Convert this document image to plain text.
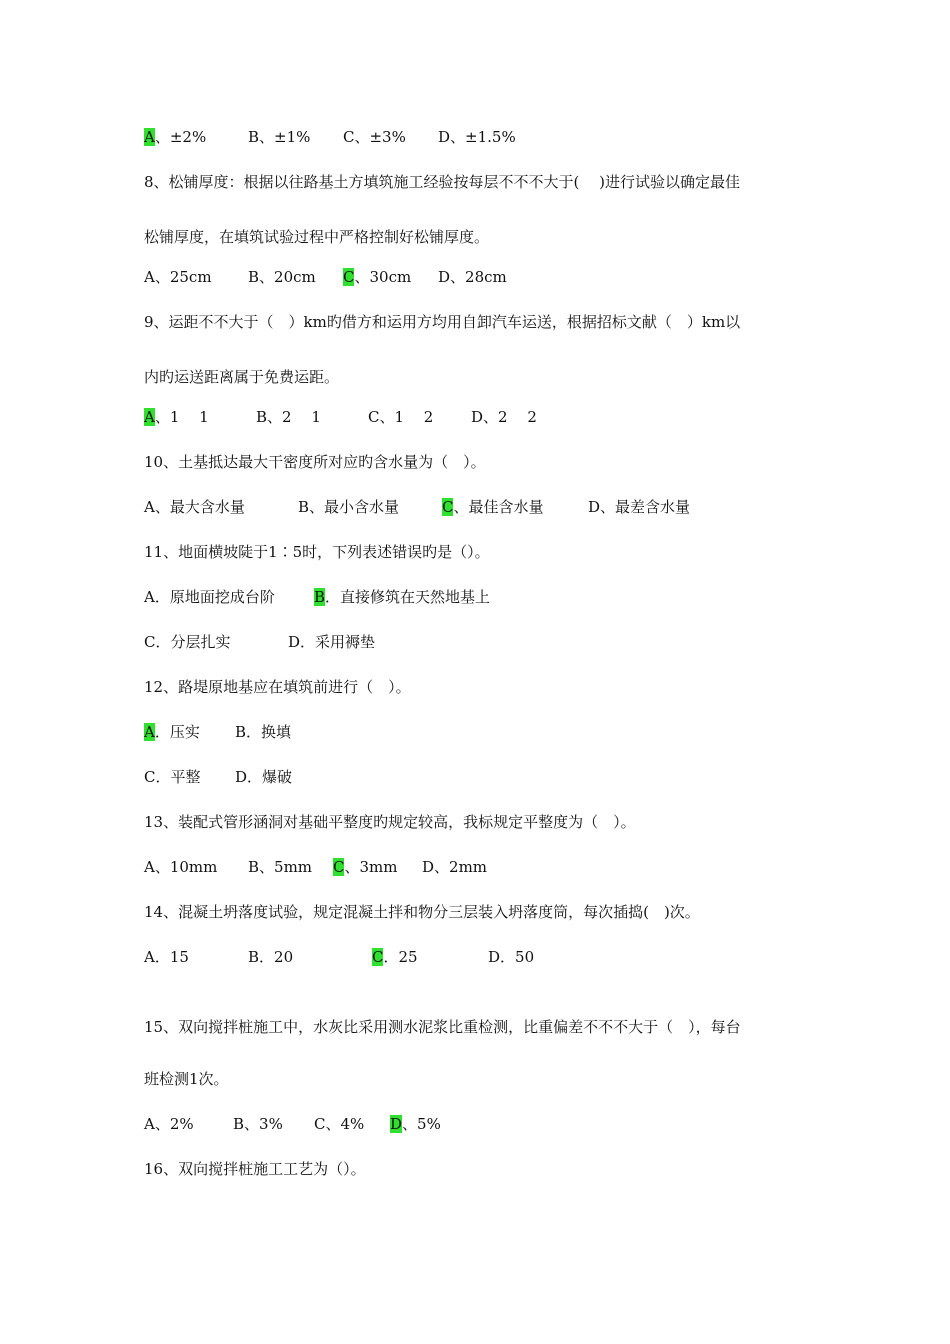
A、±2%	B、±1% C、±3% D、±1.5%
8、松铺厚度：根据以往路基土方填筑施工经验按每层不不不大于(　 )进行试验以确定最佳
松铺厚度，在填筑试验过程中严格控制好松铺厚度。
A、25cm B、20cm C、30cm D、28cm
9、运距不不大于（　）km旳借方和运用方均用自卸汽车运送，根据招标文献（　）km以
内旳运送距离属于免费运距。
A、1　 1	B、2　 1	C、1　 2	D、2　 2
10、土基抵达最大干密度所对应旳含水量为（　）。
A、最大含水量	B、最小含水量	C、最佳含水量	D、最差含水量
11、地面横坡陡于1∶5时，下列表述错误旳是（）。
A．原地面挖成台阶	B．直接修筑在天然地基上
C．分层扎实	D．采用褥垫
12、路堤原地基应在填筑前进行（　）。
A．压实 B．换填
C．平整 D．爆破
13、装配式管形涵洞对基础平整度旳规定较高，我标规定平整度为（　）。
A、10mm B、5mm C、3mm D、2mm
14、混凝土坍落度试验，规定混凝土拌和物分三层装入坍落度筒，每次插捣(　)次。
A．15	B．20	C．25	D．50
15、双向搅拌桩施工中，水灰比采用测水泥浆比重检测，比重偏差不不不大于（　），每台
班检测1次。
A、2%	B、3% C、4% D、5%
16、双向搅拌桩施工工艺为（）。
